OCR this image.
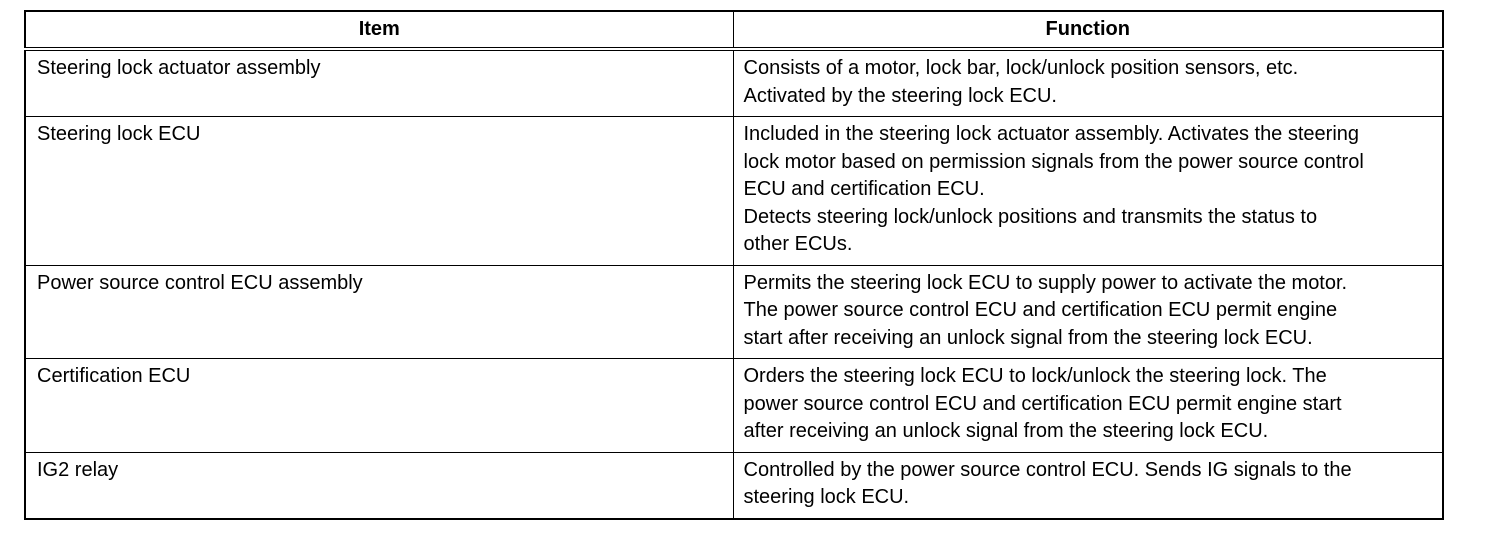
Item	Function
Steering lock actuator assembly	Consists of a motor, lock bar, lock/unlock position sensors, etc.
Activated by the steering lock ECU.

Steering lock ECU	Included in the steering lock actuator assembly. Activates the steering
lock motor based on permission signals from the power source control
ECU and certification ECU.
Detects steering lock/unlock positions and transmits the status to
other ECUs.

Power source control ECU assembly	Permits the steering lock ECU to supply power to activate the motor.
The power source control ECU and certification ECU permit engine
start after receiving an unlock signal from the steering lock ECU.

Certification ECU	Orders the steering lock ECU to lock/unlock the steering lock. The
power source control ECU and certification ECU permit engine start
after receiving an unlock signal from the steering lock ECU.

IG2 relay	Controlled by the power source control ECU. Sends IG signals to the
steering lock ECU.
